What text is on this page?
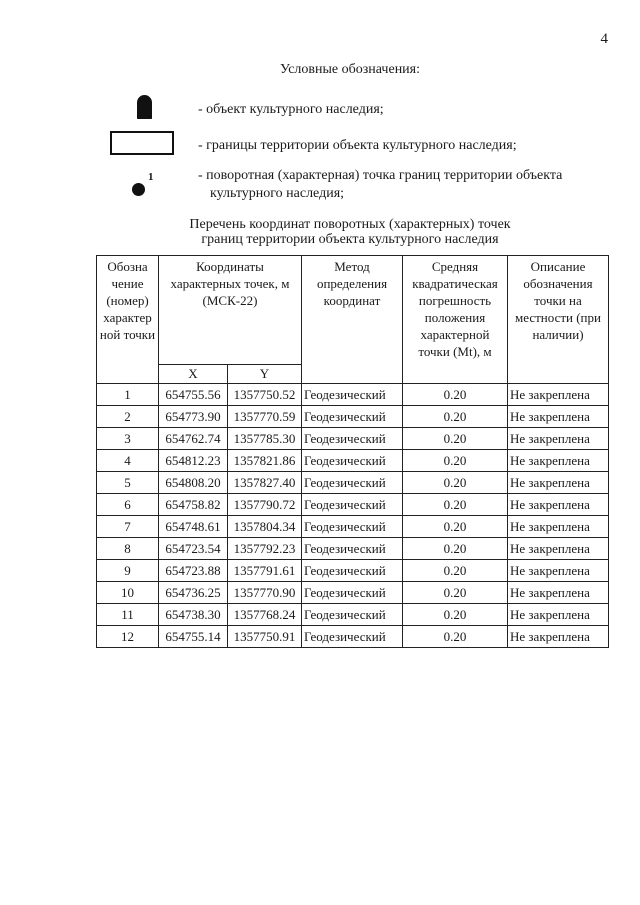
4
Условные обозначения:
- объект культурного наследия;
- границы территории объекта культурного наследия;
1	- поворотная (характерная) точка границ территории объекта
культурного наследия;
Перечень координат поворотных (характерных) точек
границ территории объекта культурного наследия
Обозна чение (номер) характер ной точки	Координаты характерных точек, м (МСК-22)		Метод определения координат	Средняя квадратическая погрешность положения характерной точки (Mt), м	Описание обозначения точки на местности (при наличии)
	X	Y			
1	654755.56	1357750.52	Геодезический	0.20	Не закреплена
2	654773.90	1357770.59	Геодезический	0.20	Не закреплена
3	654762.74	1357785.30	Геодезический	0.20	Не закреплена
4	654812.23	1357821.86	Геодезический	0.20	Не закреплена
5	654808.20	1357827.40	Геодезический	0.20	Не закреплена
6	654758.82	1357790.72	Геодезический	0.20	Не закреплена
7	654748.61	1357804.34	Геодезический	0.20	Не закреплена
8	654723.54	1357792.23	Геодезический	0.20	Не закреплена
9	654723.88	1357791.61	Геодезический	0.20	Не закреплена
10	654736.25	1357770.90	Геодезический	0.20	Не закреплена
11	654738.30	1357768.24	Геодезический	0.20	Не закреплена
12	654755.14	1357750.91	Геодезический	0.20	Не закреплена
